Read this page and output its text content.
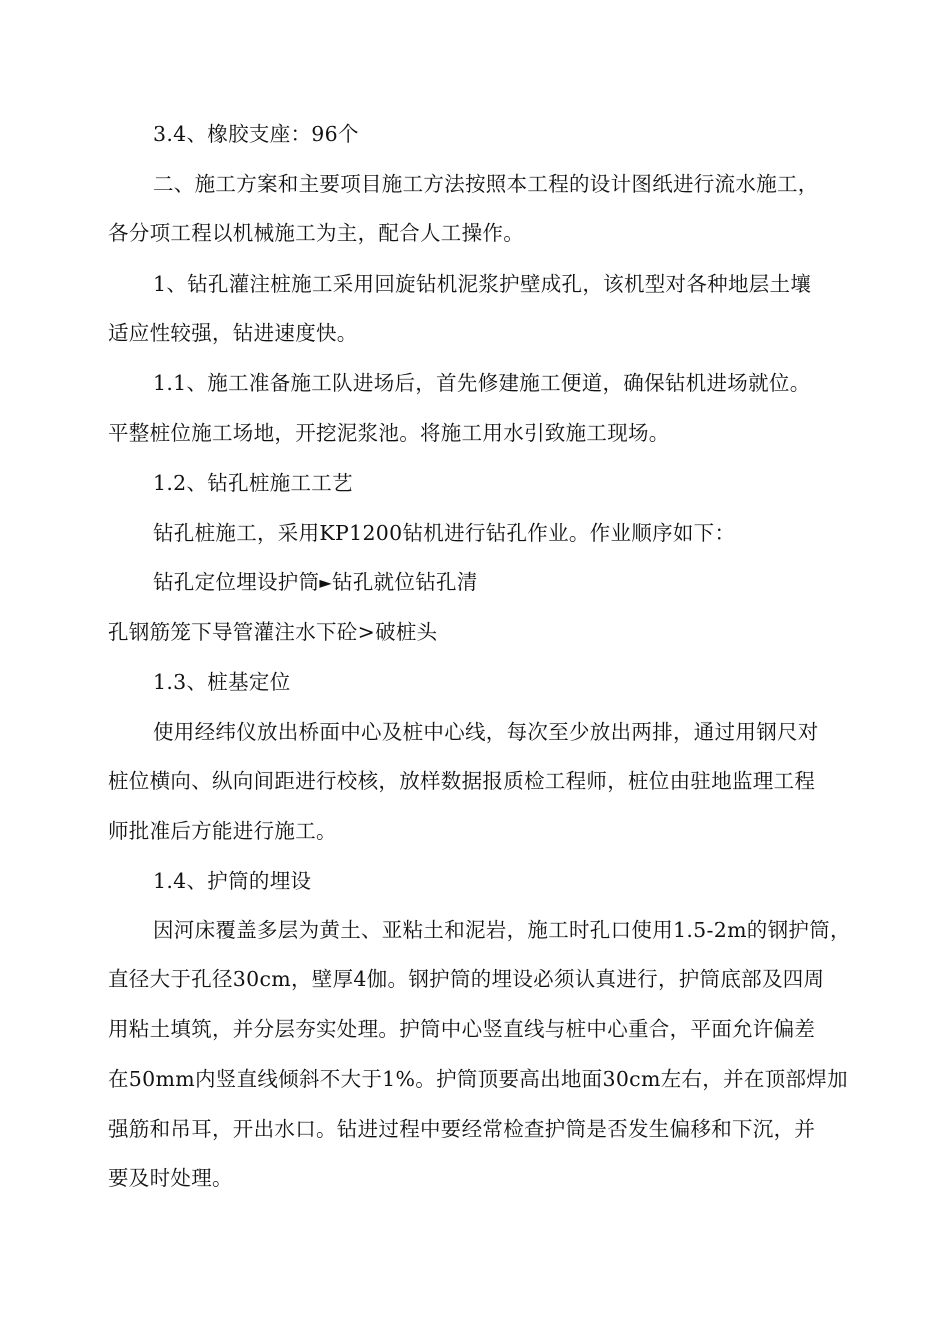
3.4、橡胶支座：96个
二、施工方案和主要项目施工方法按照本工程的设计图纸进行流水施工，
各分项工程以机械施工为主，配合人工操作。
1、钻孔灌注桩施工采用回旋钻机泥浆护壁成孔，该机型对各种地层土壤
适应性较强，钻进速度快。
1.1、施工准备施工队进场后，首先修建施工便道，确保钻机进场就位。
平整桩位施工场地，开挖泥浆池。将施工用水引致施工现场。
1.2、钻孔桩施工工艺
钻孔桩施工，采用KP1200钻机进行钻孔作业。作业顺序如下：
钻孔定位埋设护筒►钻孔就位钻孔清
孔钢筋笼下导管灌注水下砼>破桩头
1.3、桩基定位
使用经纬仪放出桥面中心及桩中心线，每次至少放出两排，通过用钢尺对
桩位横向、纵向间距进行校核，放样数据报质检工程师，桩位由驻地监理工程
师批准后方能进行施工。
1.4、护筒的埋设
因河床覆盖多层为黄土、亚粘土和泥岩，施工时孔口使用1.5-2m的钢护筒，
直径大于孔径30cm，壁厚4伽。钢护筒的埋设必须认真进行，护筒底部及四周
用粘土填筑，并分层夯实处理。护筒中心竖直线与桩中心重合，平面允许偏差
在50mm内竖直线倾斜不大于1%。护筒顶要高出地面30cm左右，并在顶部焊加
强筋和吊耳，开出水口。钻进过程中要经常检查护筒是否发生偏移和下沉，并
要及时处理。
